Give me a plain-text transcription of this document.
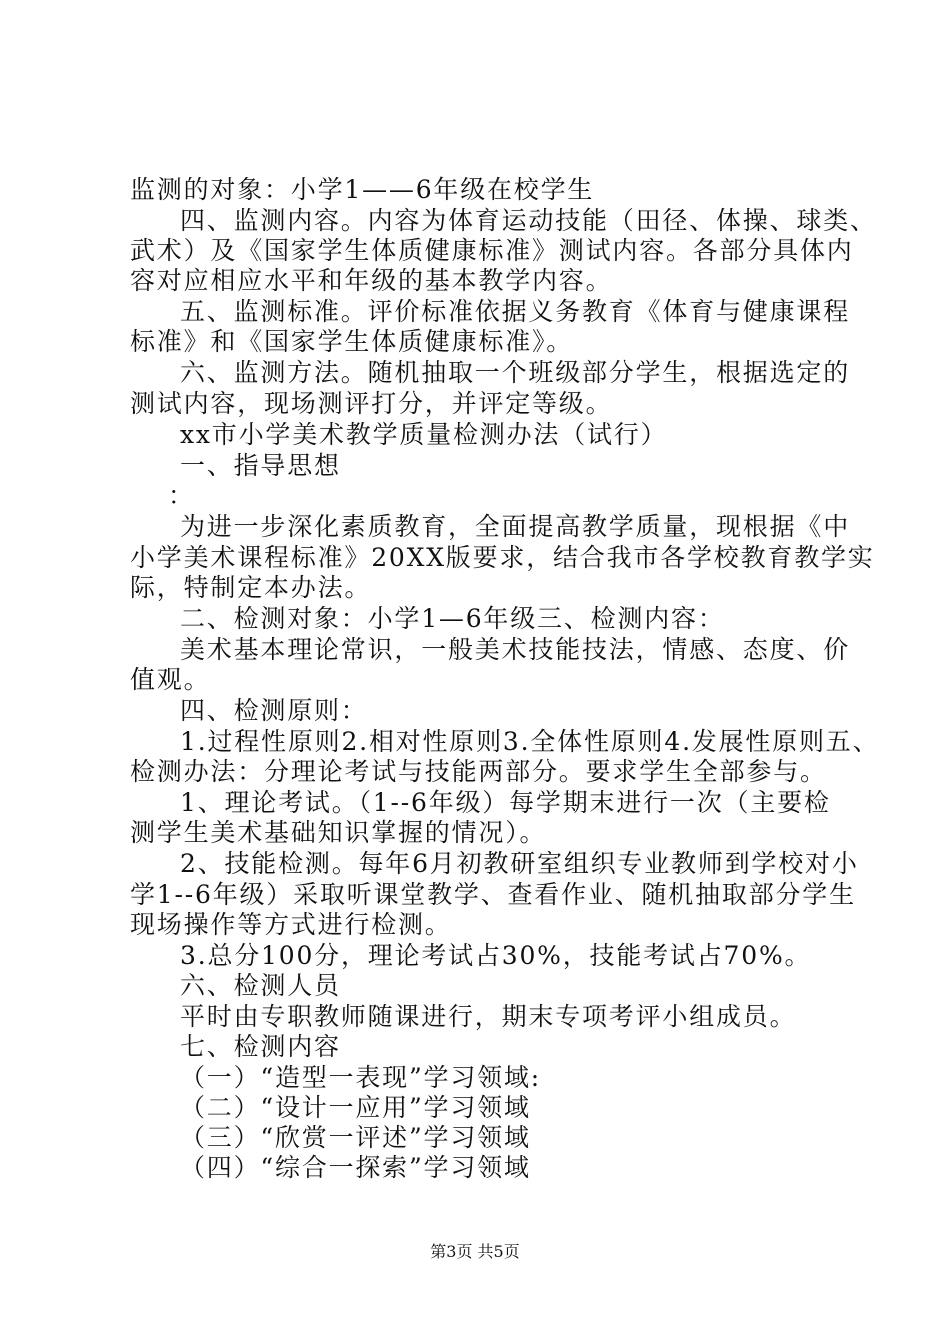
监测的对象：小学1——6年级在校学生
四、监测内容。内容为体育运动技能（田径、体操、球类、
武术）及《国家学生体质健康标准》测试内容。各部分具体内
容对应相应水平和年级的基本教学内容。
五、监测标准。评价标准依据义务教育《体育与健康课程
标准》和《国家学生体质健康标准》。
六、监测方法。随机抽取一个班级部分学生，根据选定的
测试内容，现场测评打分，并评定等级。
xx市小学美术教学质量检测办法（试行）
一、指导思想
：
为进一步深化素质教育，全面提高教学质量，现根据《中
小学美术课程标准》20XX版要求，结合我市各学校教育教学实
际，特制定本办法。
二、检测对象：小学1—6年级三、检测内容：
美术基本理论常识，一般美术技能技法，情感、态度、价
值观。
四、检测原则：
1.过程性原则2.相对性原则3.全体性原则4.发展性原则五、
检测办法：分理论考试与技能两部分。要求学生全部参与。
1、理论考试。（1--6年级）每学期末进行一次（主要检
测学生美术基础知识掌握的情况）。
2、技能检测。每年6月初教研室组织专业教师到学校对小
学1--6年级）采取听课堂教学、查看作业、随机抽取部分学生
现场操作等方式进行检测。
3.总分100分，理论考试占30%，技能考试占70%。
六、检测人员
平时由专职教师随课进行，期末专项考评小组成员。
七、检测内容
（一）“造型一表现”学习领域:
（二）“设计一应用”学习领域
（三）“欣赏一评述”学习领域
（四）“综合一探索”学习领域
第3页 共5页
